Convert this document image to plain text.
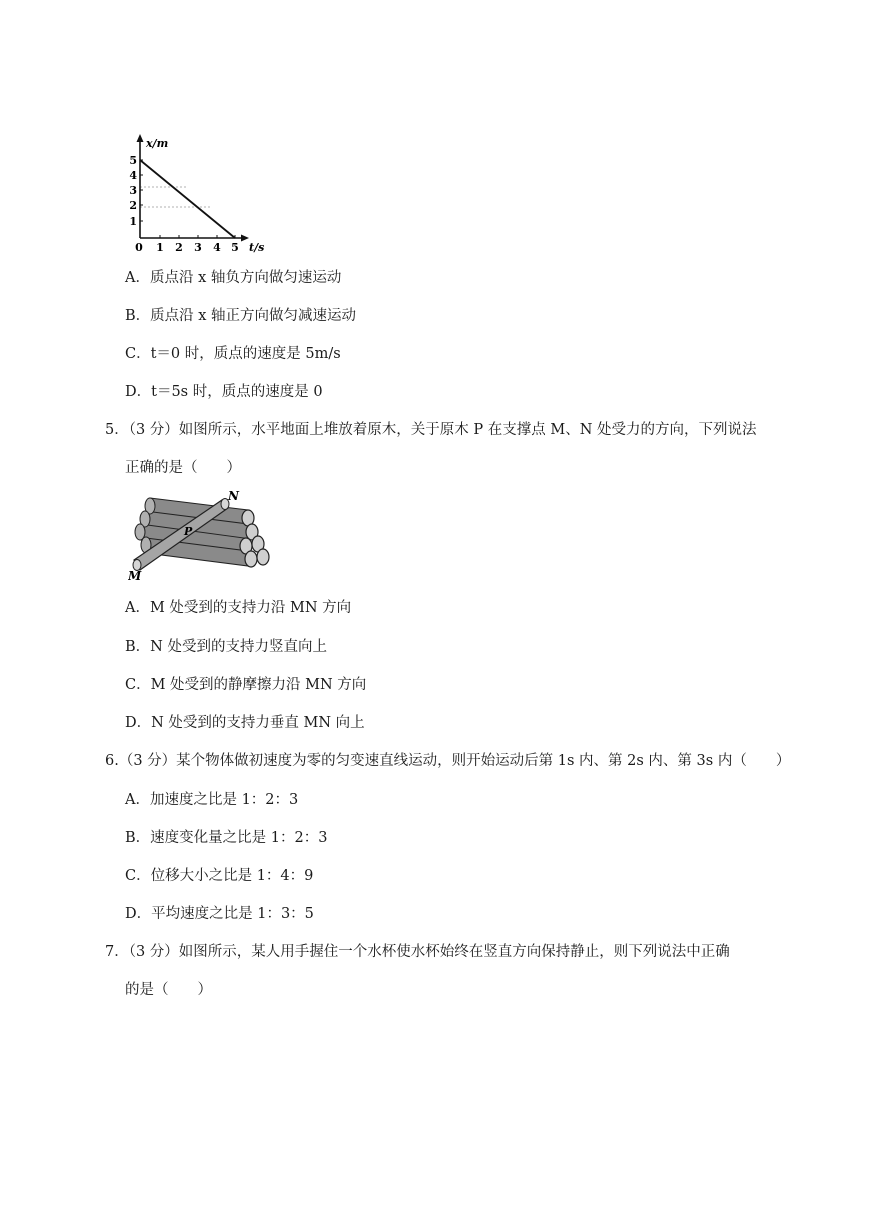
x/m
t/s
5
4
3
2
1
0 1 2 3 4 5
A．质点沿 x 轴负方向做匀速运动
B．质点沿 x 轴正方向做匀减速运动
C．t＝0 时，质点的速度是 5m/s
D．t＝5s 时，质点的速度是 0
5．（3 分）如图所示，水平地面上堆放着原木，关于原木 P 在支撑点 M、N 处受力的方向，下列说法
正确的是（　　）
N
P
M
A．M 处受到的支持力沿 MN 方向
B．N 处受到的支持力竖直向上
C．M 处受到的静摩擦力沿 MN 方向
D．N 处受到的支持力垂直 MN 向上
6.（3 分）某个物体做初速度为零的匀变速直线运动，则开始运动后第 1s 内、第 2s 内、第 3s 内（　　）
A．加速度之比是 1：2：3
B．速度变化量之比是 1：2：3
C．位移大小之比是 1：4：9
D．平均速度之比是 1：3：5
7．（3 分）如图所示，某人用手握住一个水杯使水杯始终在竖直方向保持静止，则下列说法中正确
的是（　　）
